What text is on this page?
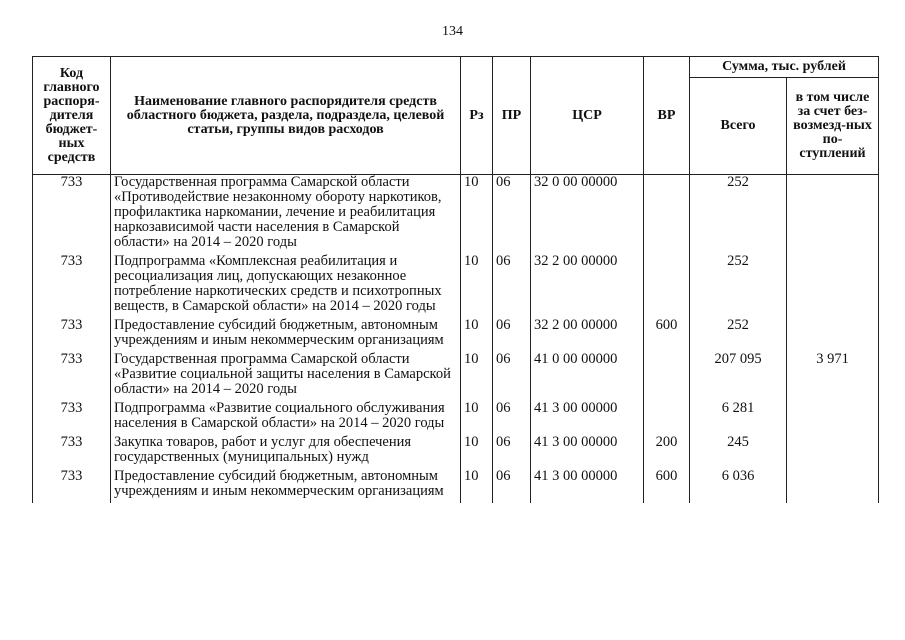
134
Код главного распоря-дителя бюджет-ных средств	Наименование главного распорядителя средств областного бюджета, раздела, подраздела, целевой статьи, группы видов расходов	Рз	ПР	ЦСР	ВР	Сумма, тыс. рублей	
						Всего	в том числе за счет без-возмезд-ных по-ступлений
733	Государственная программа Самарской области «Противодействие незаконному обороту наркотиков, профилактика наркомании, лечение и реабилитация наркозависимой части населения в Самарской области» на 2014 – 2020 годы	10	06	32 0 00 00000		252	
733	Подпрограмма «Комплексная реабилитация и ресоциализация лиц, допускающих незаконное потребление наркотических средств и психотропных веществ, в Самарской области» на 2014 – 2020 годы	10	06	32 2 00 00000		252	
733	Предоставление субсидий бюджетным, автономным учреждениям и иным некоммерческим организациям	10	06	32 2 00 00000	600	252	
733	Государственная программа Самарской области «Развитие социальной защиты населения в Самарской области» на 2014 – 2020 годы	10	06	41 0 00 00000		207 095	3 971
733	Подпрограмма «Развитие социального обслуживания населения в Самарской области» на 2014 – 2020 годы	10	06	41 3 00 00000		6 281	
733	Закупка товаров, работ и услуг для обеспечения государственных (муниципальных) нужд	10	06	41 3 00 00000	200	245	
733	Предоставление субсидий бюджетным, автономным учреждениям и иным некоммерческим организациям	10	06	41 3 00 00000	600	6 036	
